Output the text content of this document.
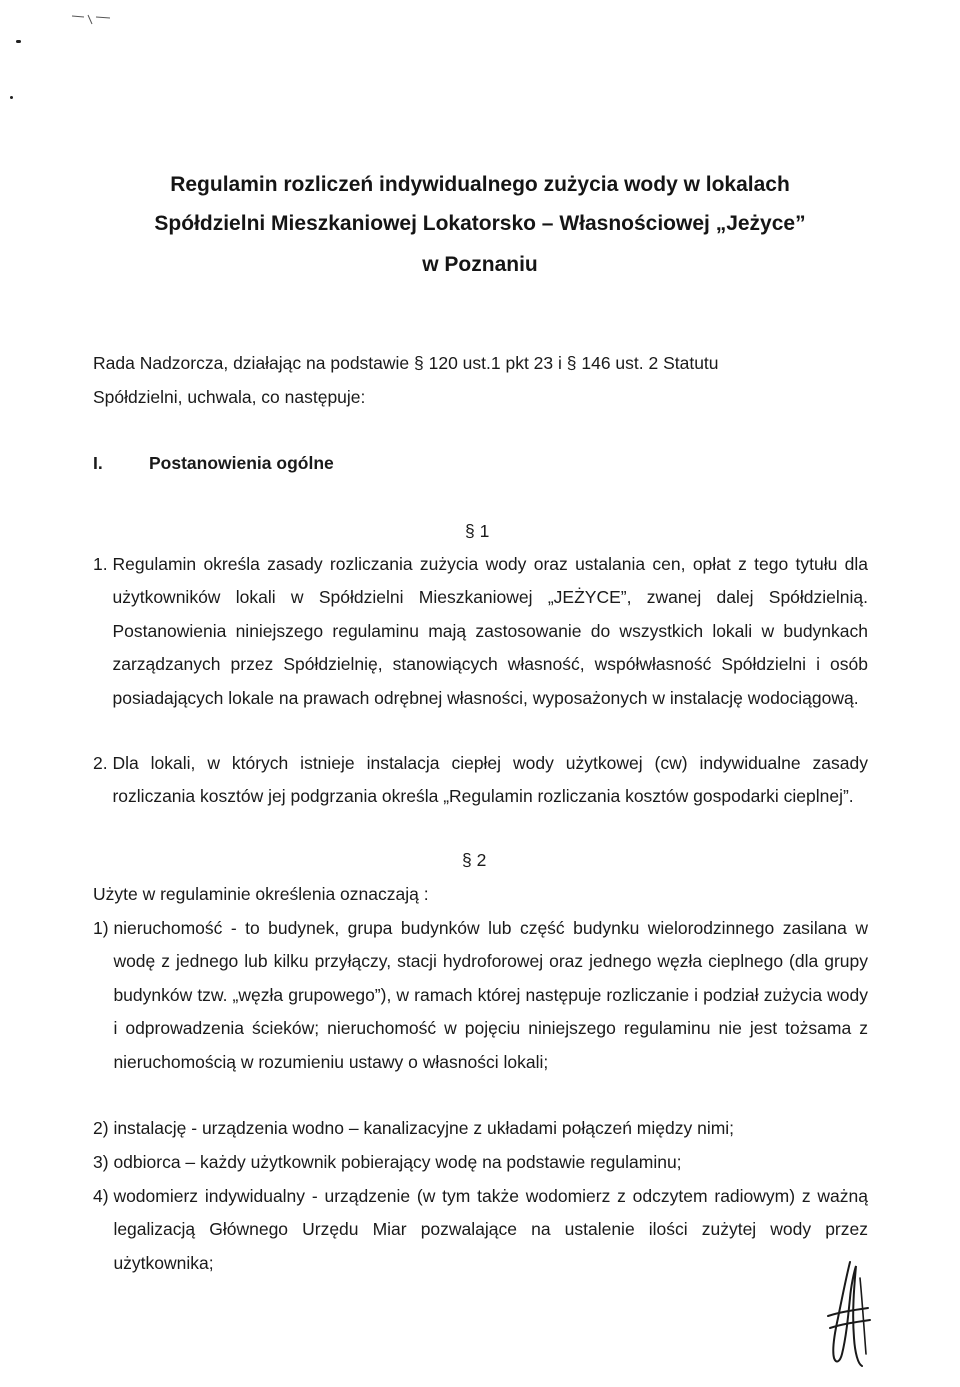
Regulamin rozliczeń indywidualnego zużycia wody w lokalach
Spółdzielni Mieszkaniowej Lokatorsko – Własnościowej „Jeżyce”
w Poznaniu
Rada Nadzorcza, działając na podstawie § 120 ust.1 pkt 23 i § 146 ust. 2 Statutu
Spółdzielni, uchwala, co następuje:
I.	Postanowienia ogólne
§ 1
1. Regulamin określa zasady rozliczania zużycia wody oraz ustalania cen, opłat z tego tytułu dla użytkowników lokali w Spółdzielni Mieszkaniowej „JEŻYCE”, zwanej dalej Spółdzielnią. Postanowienia niniejszego regulaminu mają zastosowanie do wszystkich lokali w budynkach zarządzanych przez Spółdzielnię, stanowiących własność, współwłasność Spółdzielni i osób posiadających lokale na prawach odrębnej własności, wyposażonych w instalację wodociągową.
2. Dla lokali, w których istnieje instalacja ciepłej wody użytkowej (cw) indywidualne zasady rozliczania kosztów jej podgrzania określa „Regulamin rozliczania kosztów gospodarki cieplnej”.
§ 2
Użyte w regulaminie określenia oznaczają :
1) nieruchomość - to budynek, grupa budynków lub część budynku wielorodzinnego zasilana w wodę z jednego lub kilku przyłączy, stacji hydroforowej oraz jednego węzła cieplnego (dla grupy budynków tzw. „węzła grupowego”), w ramach której następuje rozliczanie i podział zużycia wody i odprowadzenia ścieków; nieruchomość w pojęciu niniejszego regulaminu nie jest tożsama z nieruchomością w rozumieniu ustawy o własności lokali;
2) instalację - urządzenia wodno – kanalizacyjne z układami połączeń między nimi;
3) odbiorca – każdy użytkownik pobierający wodę na podstawie regulaminu;
4) wodomierz indywidualny - urządzenie (w tym także wodomierz z odczytem radiowym) z ważną legalizacją Głównego Urzędu Miar pozwalające na ustalenie ilości zużytej wody przez użytkownika;
